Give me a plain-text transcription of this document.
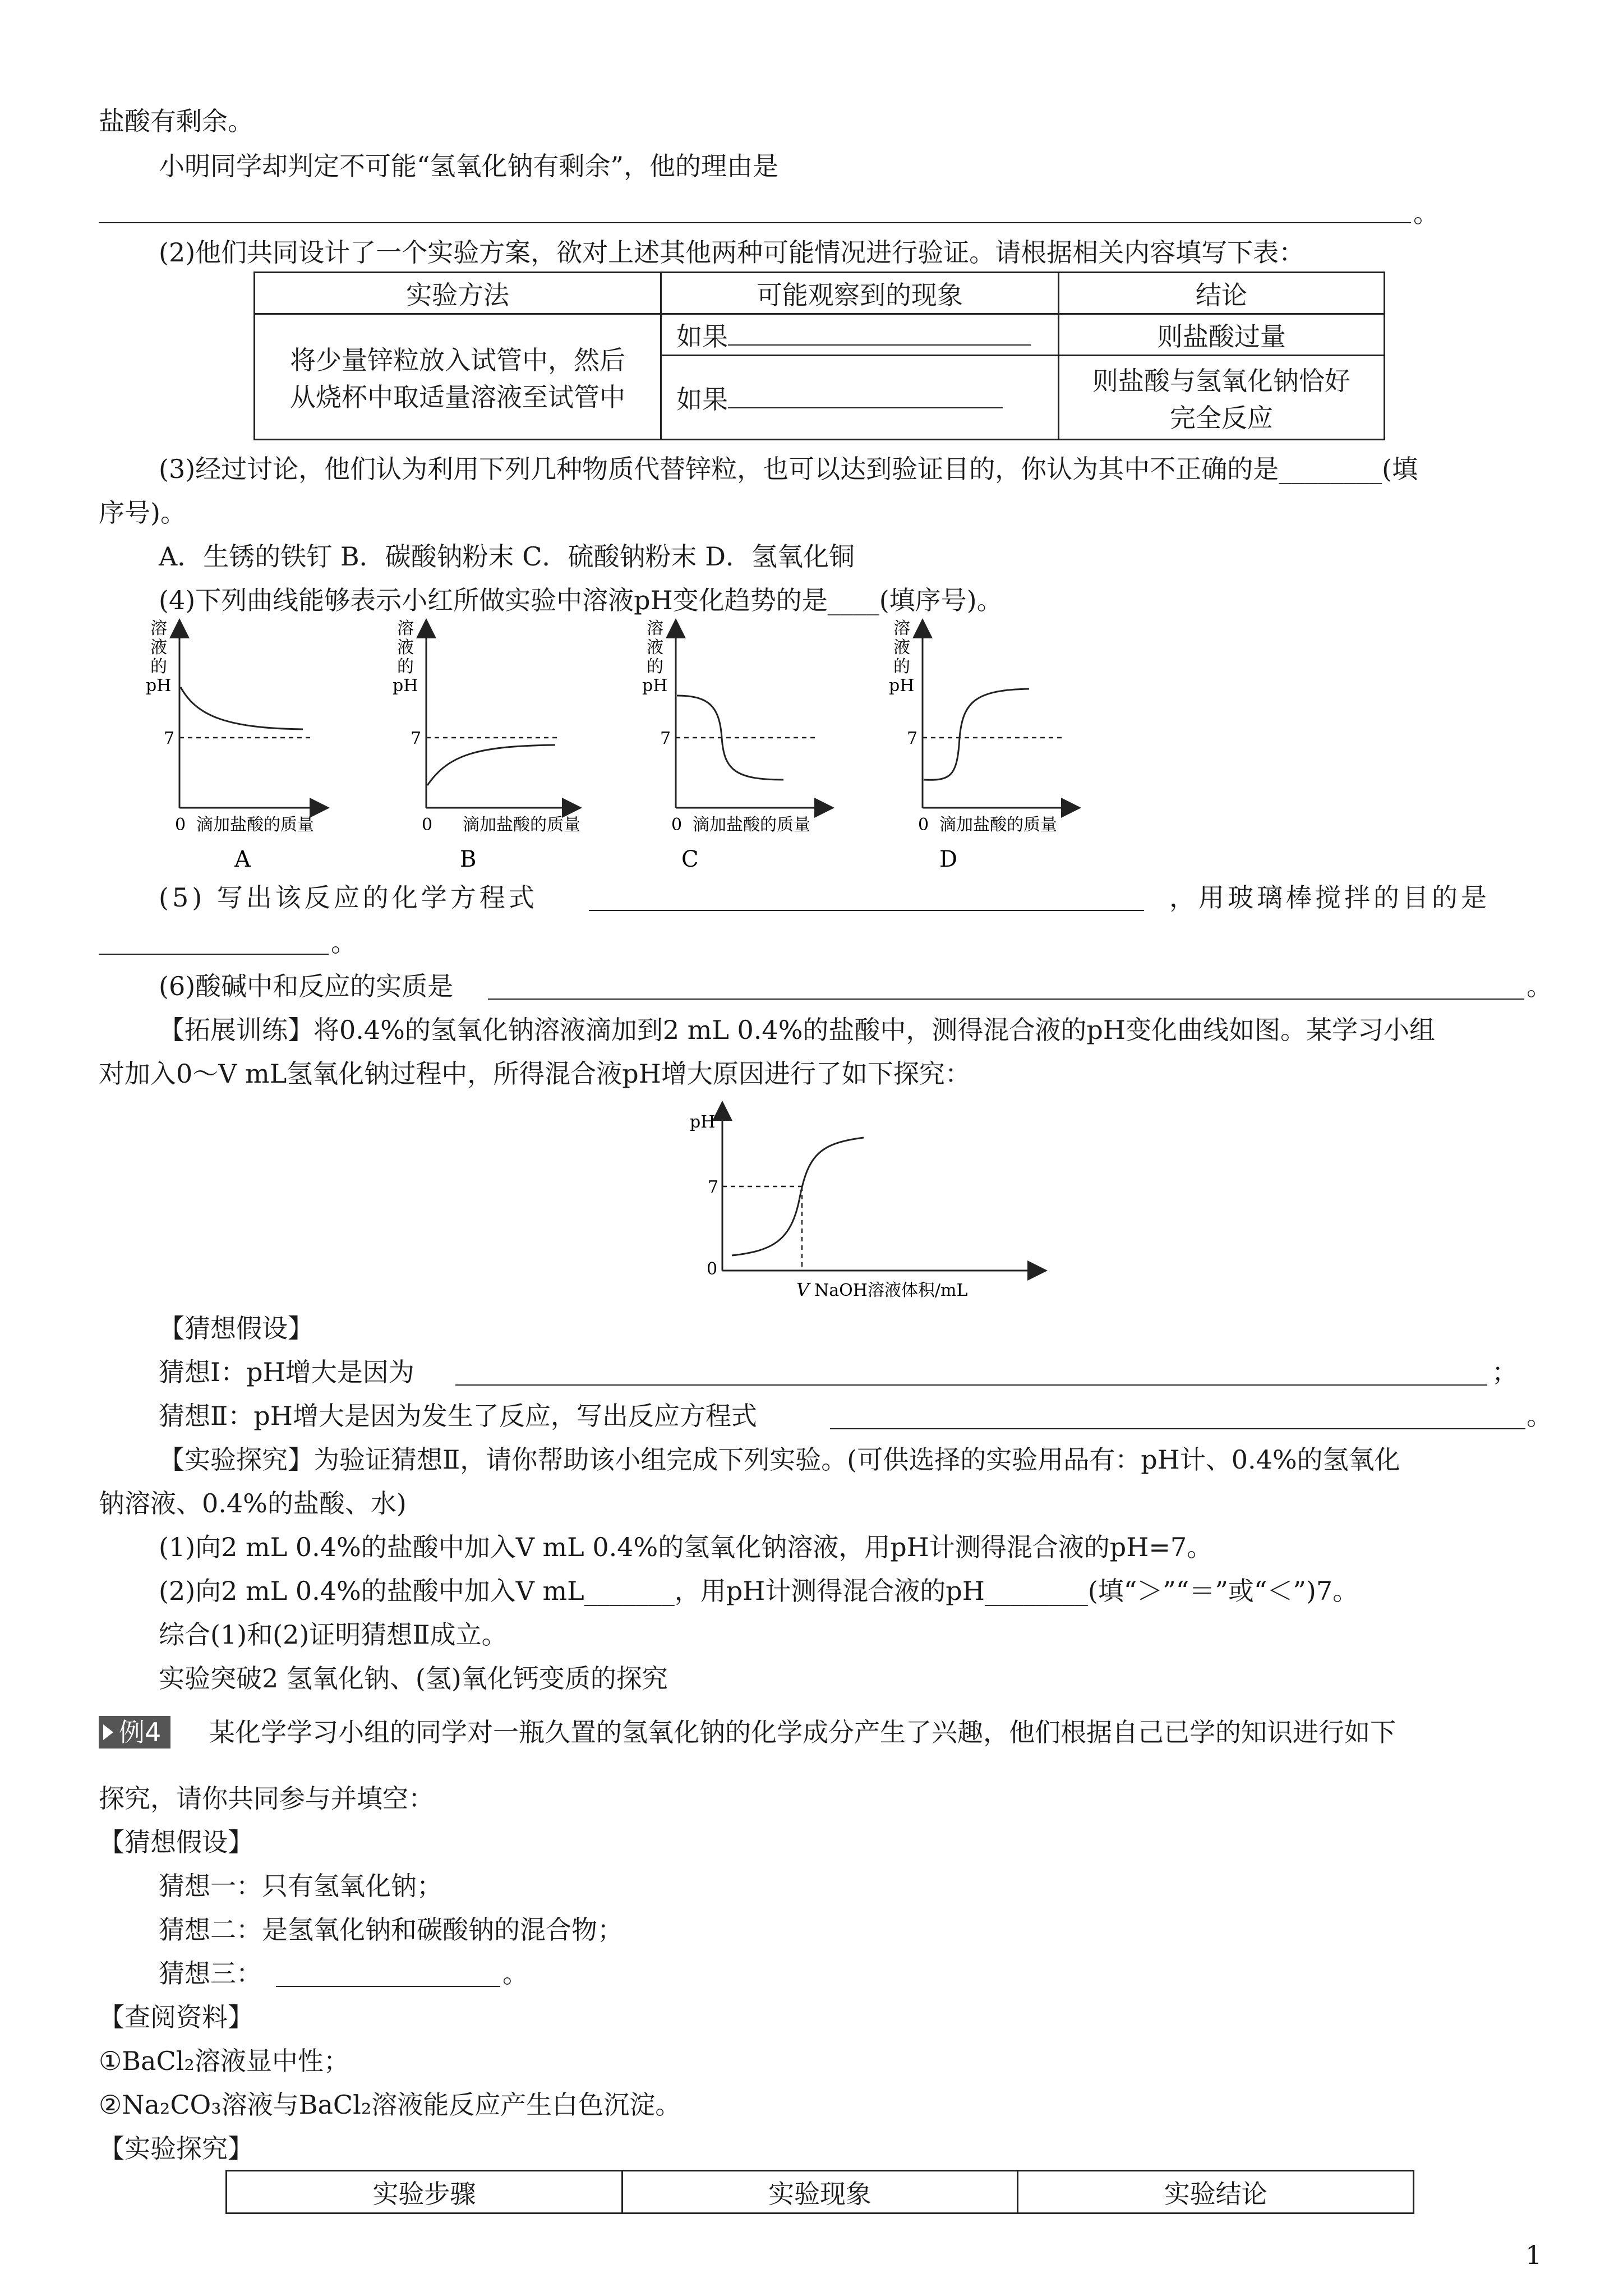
盐酸有剩余。
小明同学却判定不可能“氢氧化钠有剩余”，他的理由是
。
(2)他们共同设计了一个实验方案，欲对上述其他两种可能情况进行验证。请根据相关内容填写下表：
实验方法	可能观察到的现象	结论

将少量锌粒放入试管中，然后
从烧杯中取适量溶液至试管中	如果	则盐酸过量
	如果	则盐酸与氢氧化钠恰好
完全反应
(3)经过讨论，他们认为利用下列几种物质代替锌粒，也可以达到验证目的，你认为其中不正确的是________(填
序号)。
A．生锈的铁钉 B．碳酸钠粉末 C．硫酸钠粉末 D．氢氧化铜
(4)下列曲线能够表示小红所做实验中溶液pH变化趋势的是____(填序号)。
溶
液
的
pH
7
0 滴加盐酸的质量
A
溶
液
的
pH
7
0 滴加盐酸的质量
B
溶
液
的
pH
7
0 滴加盐酸的质量
C
溶
液
的
pH
7
0 滴加盐酸的质量
D
(5) 写出该反应的化学方程式	，用玻璃棒搅拌的目的是
。
(6)酸碱中和反应的实质是	。
【拓展训练】将0.4%的氢氧化钠溶液滴加到2 mL 0.4%的盐酸中，测得混合液的pH变化曲线如图。某学习小组
对加入0～V mL氢氧化钠过程中，所得混合液pH增大原因进行了如下探究：
pH
7
0
V NaOH溶液体积/mL
【猜想假设】
猜想Ⅰ：pH增大是因为	；
猜想Ⅱ：pH增大是因为发生了反应，写出反应方程式	。
【实验探究】为验证猜想Ⅱ，请你帮助该小组完成下列实验。(可供选择的实验用品有：pH计、0.4%的氢氧化
钠溶液、0.4%的盐酸、水)
(1)向2 mL 0.4%的盐酸中加入V mL 0.4%的氢氧化钠溶液，用pH计测得混合液的pH=7。
(2)向2 mL 0.4%的盐酸中加入V mL_______，用pH计测得混合液的pH________(填“＞”“＝”或“＜”)7。
综合(1)和(2)证明猜想Ⅱ成立。
实验突破2 氢氧化钠、(氢)氧化钙变质的探究
例4 某化学学习小组的同学对一瓶久置的氢氧化钠的化学成分产生了兴趣，他们根据自己已学的知识进行如下
探究，请你共同参与并填空：
【猜想假设】
猜想一：只有氢氧化钠；
猜想二：是氢氧化钠和碳酸钠的混合物；
猜想三：	。
【查阅资料】
①BaCl₂溶液显中性；
②Na₂CO₃溶液与BaCl₂溶液能反应产生白色沉淀。
【实验探究】
实验步骤	实验现象	实验结论
1
